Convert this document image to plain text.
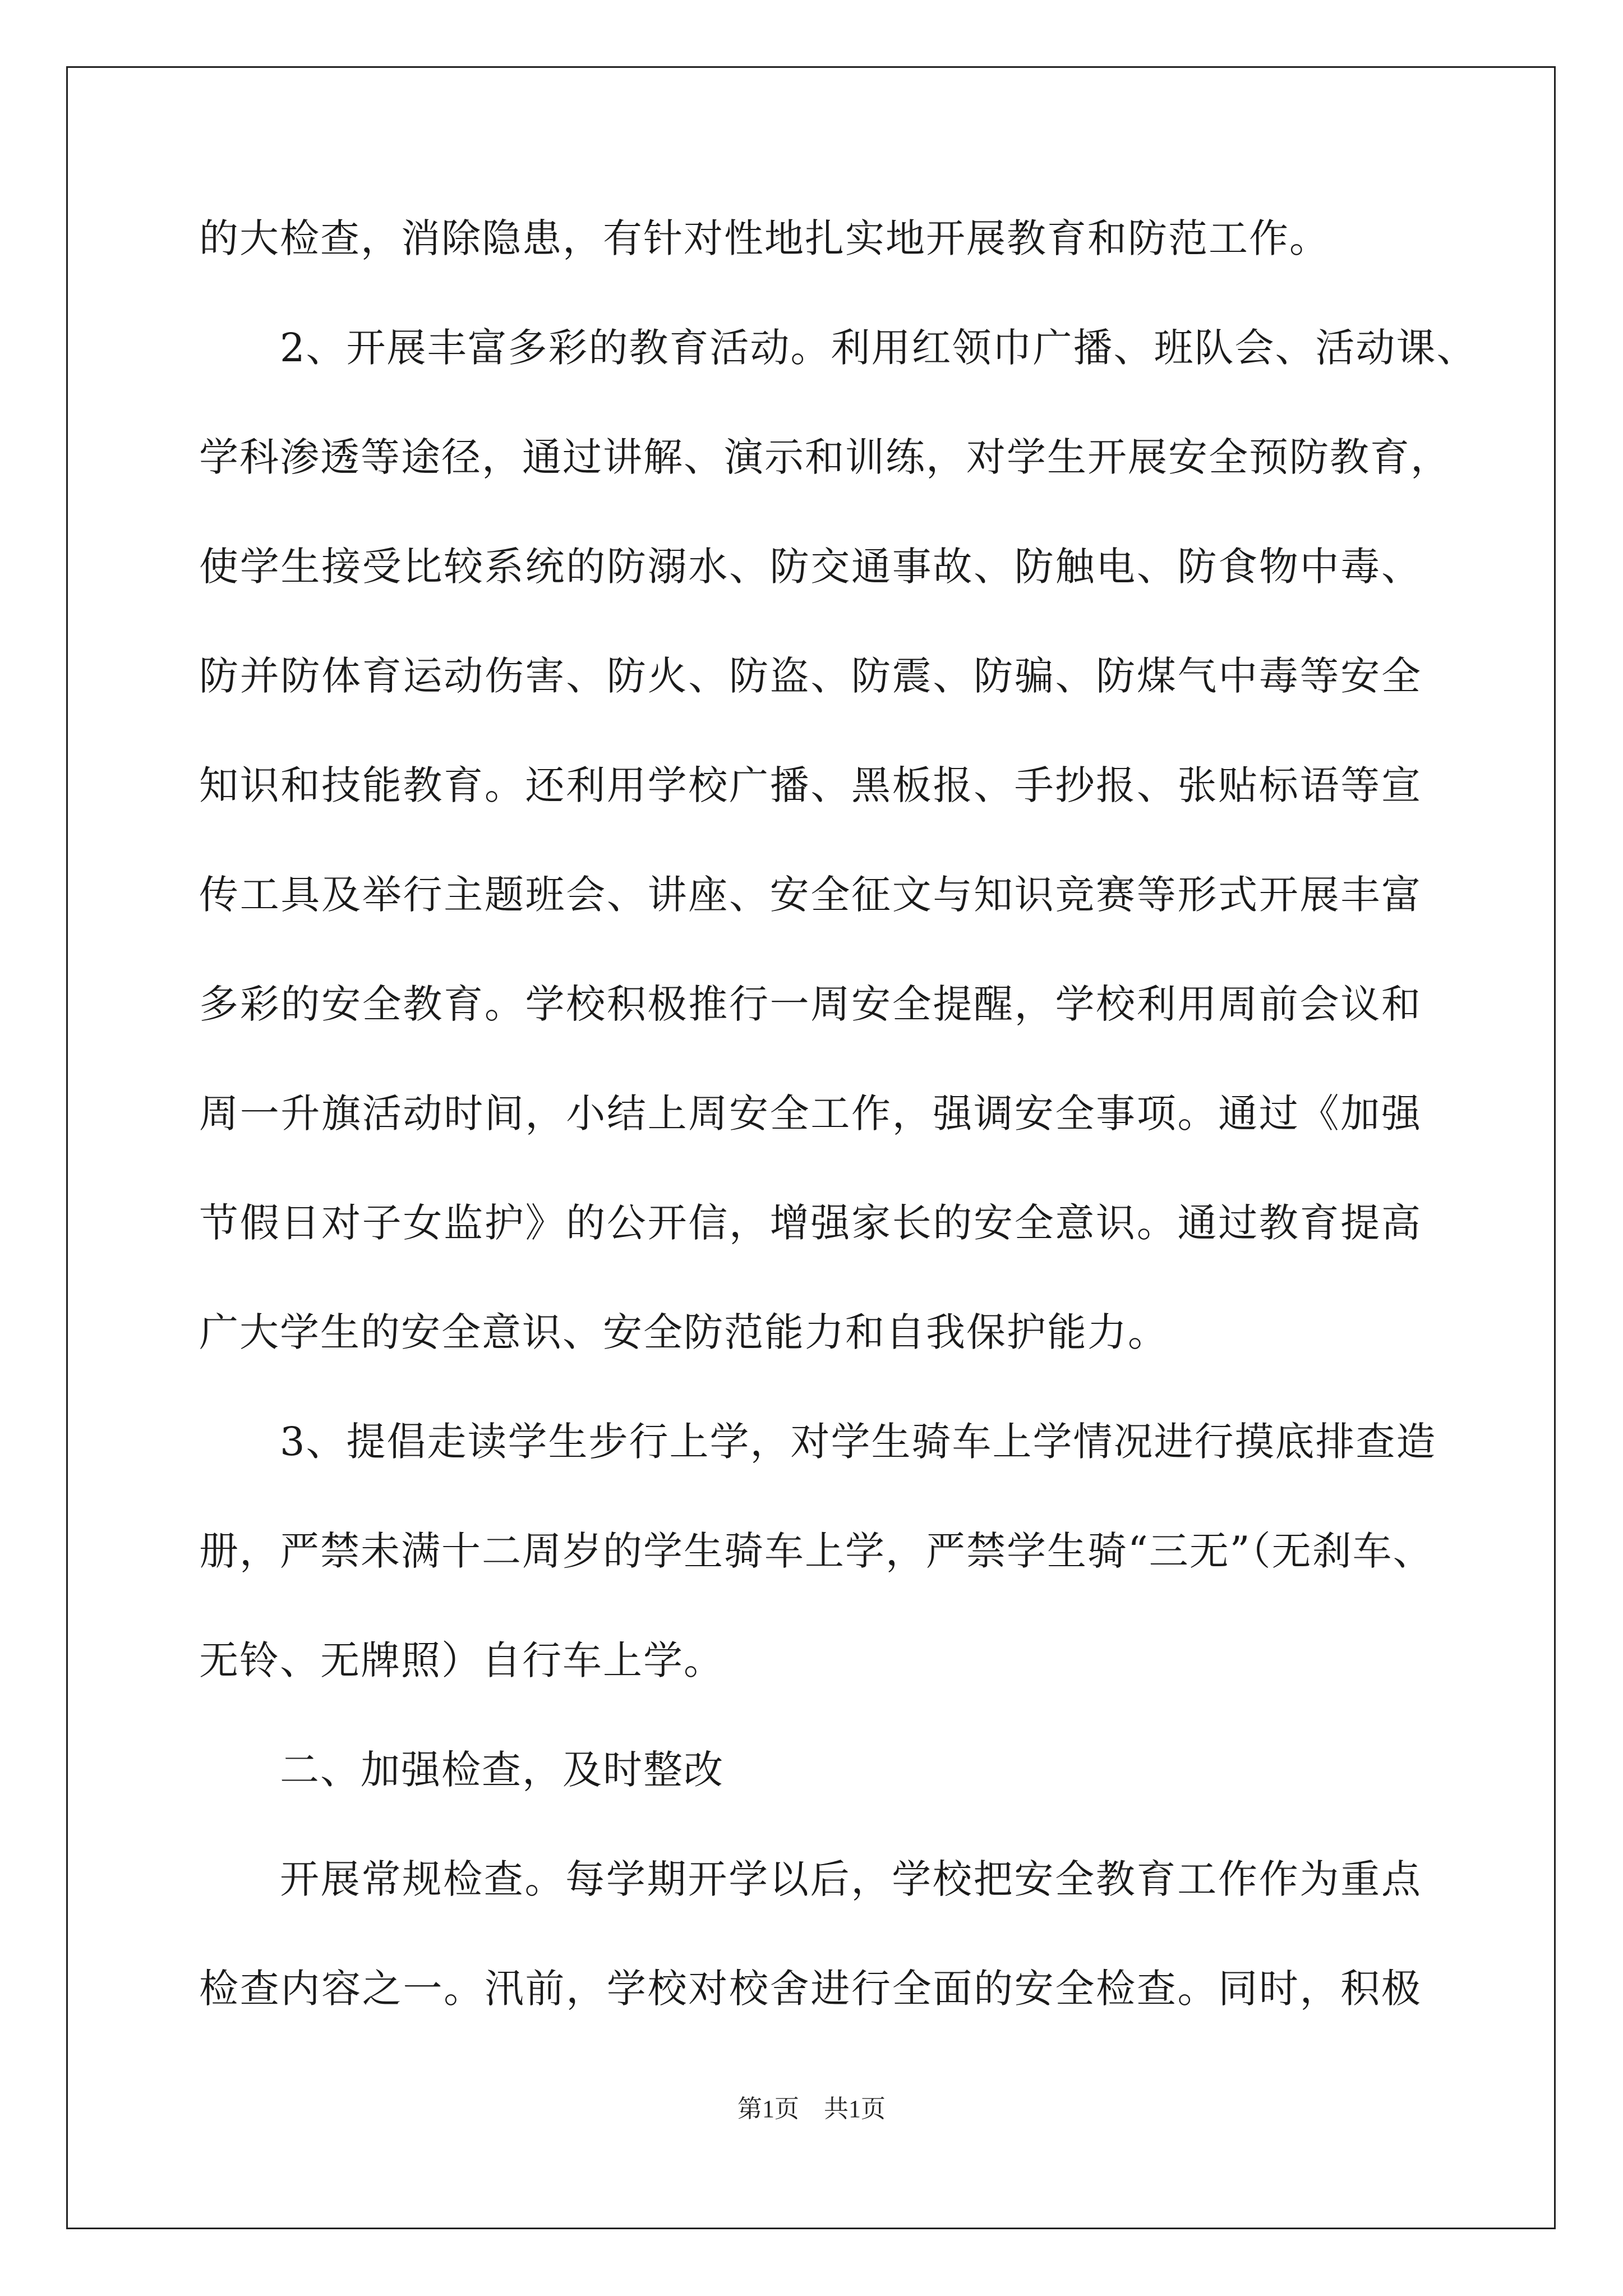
的大检查，消除隐患，有针对性地扎实地开展教育和防范工作。
2、开展丰富多彩的教育活动。利用红领巾广播、班队会、活动课、
学科渗透等途径，通过讲解、演示和训练，对学生开展安全预防教育，
使学生接受比较系统的防溺水、防交通事故、防触电、防食物中毒、
防并防体育运动伤害、防火、防盗、防震、防骗、防煤气中毒等安全
知识和技能教育。还利用学校广播、黑板报、手抄报、张贴标语等宣
传工具及举行主题班会、讲座、安全征文与知识竞赛等形式开展丰富
多彩的安全教育。学校积极推行一周安全提醒，学校利用周前会议和
周一升旗活动时间，小结上周安全工作，强调安全事项。通过《加强
节假日对子女监护》的公开信，增强家长的安全意识。通过教育提高
广大学生的安全意识、安全防范能力和自我保护能力。
3、提倡走读学生步行上学，对学生骑车上学情况进行摸底排查造
册，严禁未满十二周岁的学生骑车上学，严禁学生骑“三无”（无刹车、
无铃、无牌照）自行车上学。
二、加强检查，及时整改
开展常规检查。每学期开学以后，学校把安全教育工作作为重点
检查内容之一。汛前，学校对校舍进行全面的安全检查。同时，积极
第1页　共1页
